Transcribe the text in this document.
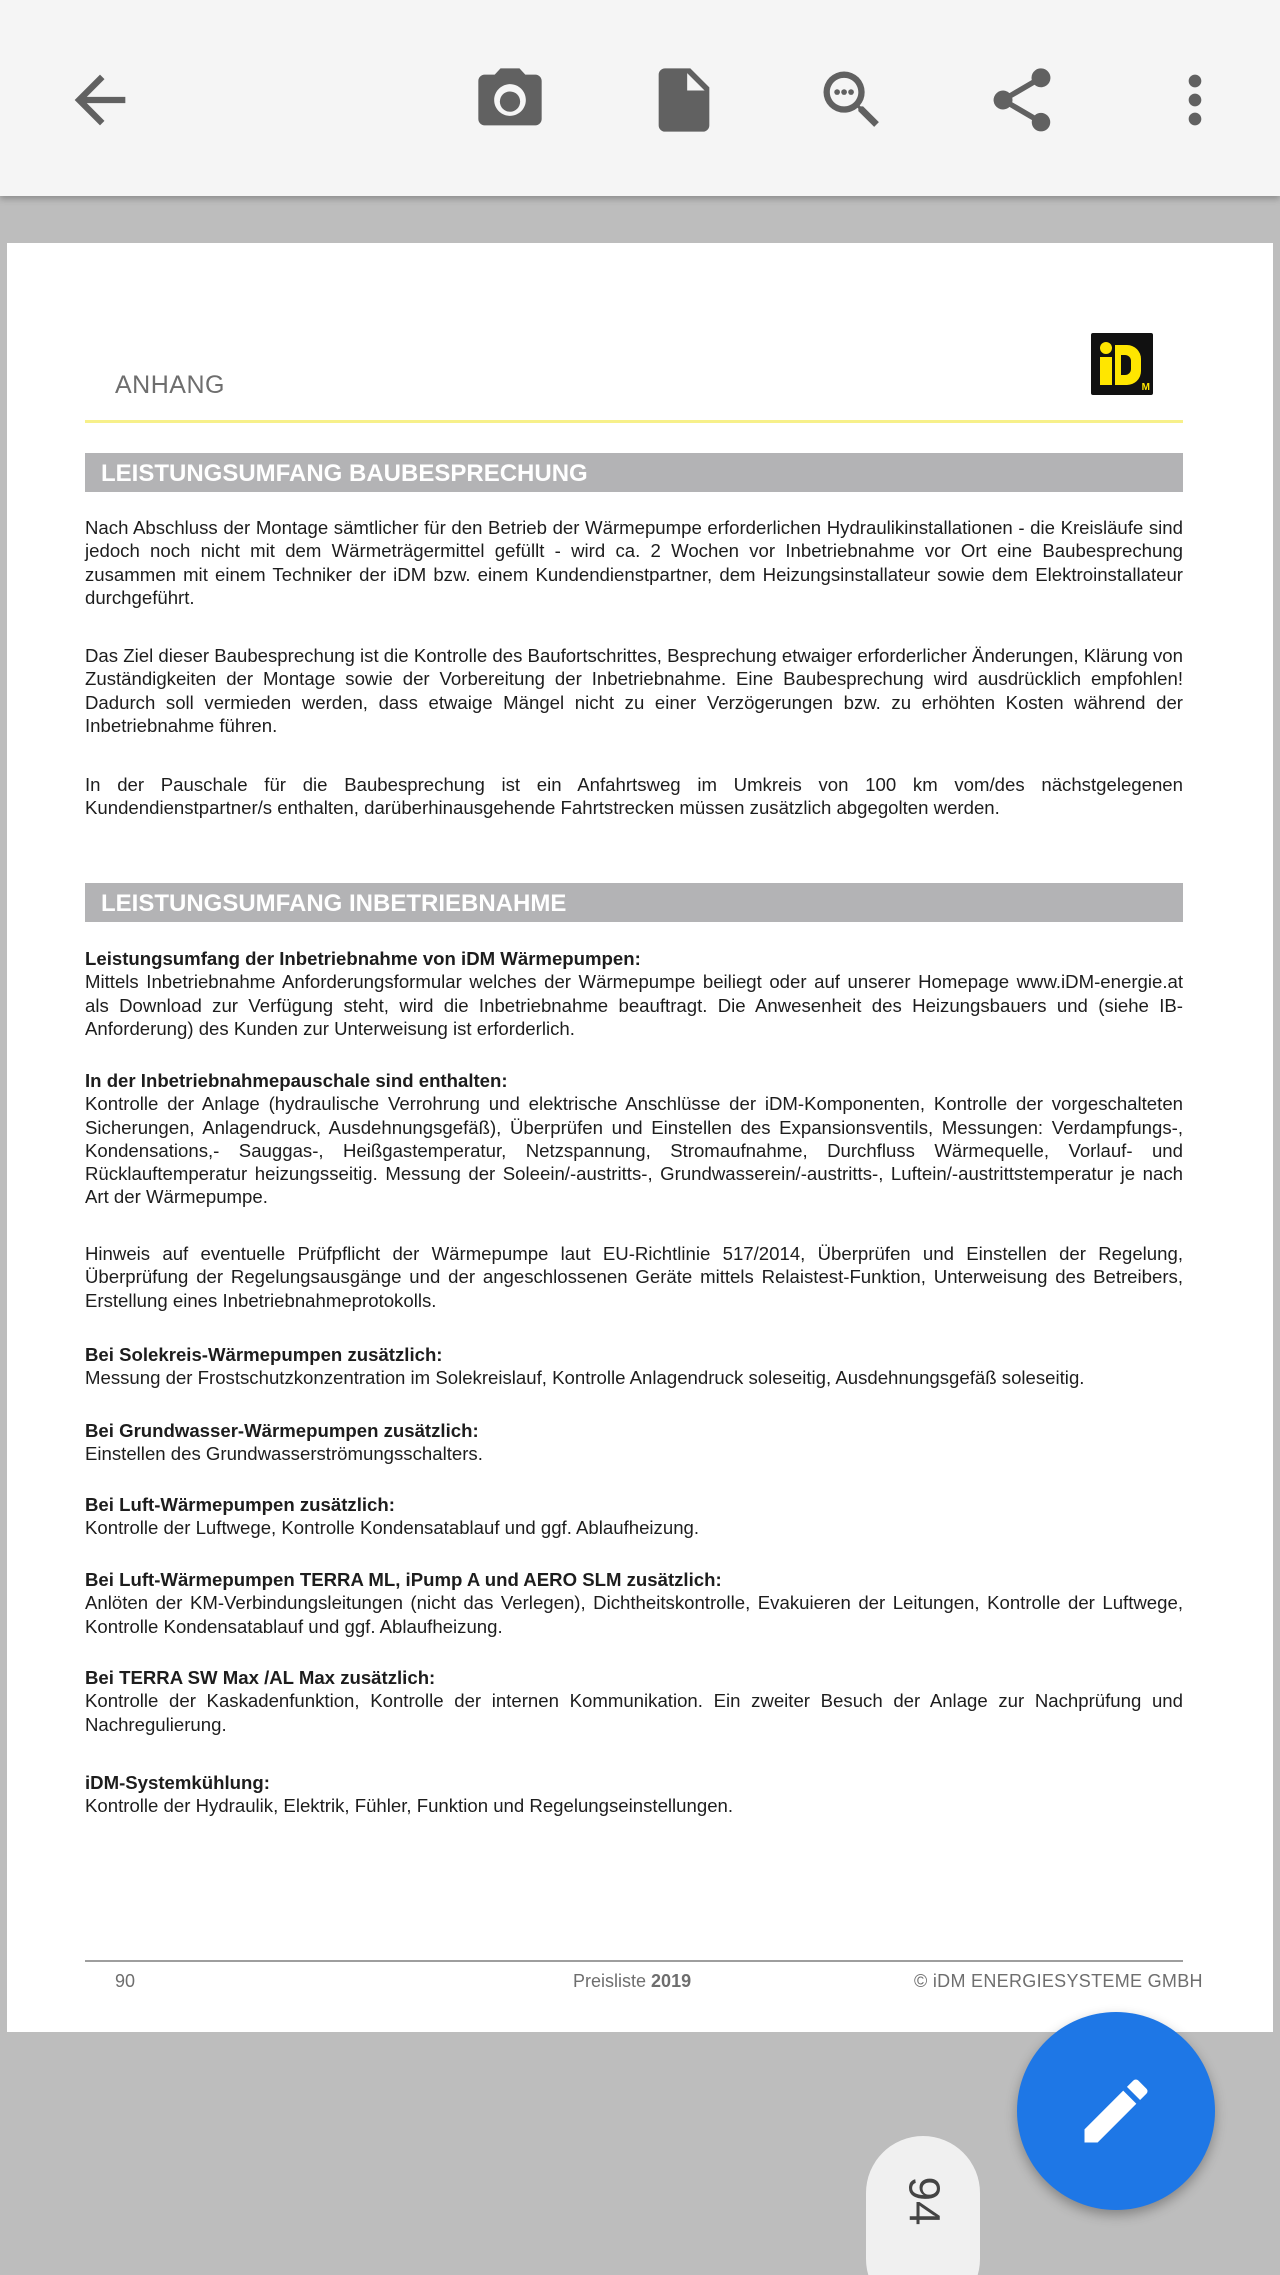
ANHANG	M
LEISTUNGSUMFANG BAUBESPRECHUNG
Nach Abschluss der Montage sämtlicher für den Betrieb der Wärmepumpe erforderlichen Hydraulikinstallationen - die Kreisläufe sind jedoch noch nicht mit dem Wärmeträgermittel gefüllt - wird ca. 2 Wochen vor Inbetriebnahme vor Ort eine Baubesprechung zusammen mit einem Techniker der iDM bzw. einem Kundendienstpartner, dem Heizungsinstallateur sowie dem Elektroinstallateur durchgeführt.
Das Ziel dieser Baubesprechung ist die Kontrolle des Baufortschrittes, Besprechung etwaiger erforderlicher Änderungen, Klärung von Zuständigkeiten der Montage sowie der Vorbereitung der Inbetriebnahme. Eine Baubesprechung wird ausdrücklich empfohlen! Dadurch soll vermieden werden, dass etwaige Mängel nicht zu einer Verzögerungen bzw. zu erhöhten Kosten während der Inbetriebnahme führen.
In der Pauschale für die Baubesprechung ist ein Anfahrtsweg im Umkreis von 100 km vom/des nächstgelegenen Kundendienstpartner/s enthalten, darüberhinausgehende Fahrtstrecken müssen zusätzlich abgegolten werden.
LEISTUNGSUMFANG INBETRIEBNAHME
Leistungsumfang der Inbetriebnahme von iDM Wärmepumpen:
Mittels Inbetriebnahme Anforderungsformular welches der Wärmepumpe beiliegt oder auf unserer Homepage www.iDM-energie.at als Download zur Verfügung steht, wird die Inbetriebnahme beauftragt. Die Anwesenheit des Heizungsbauers und (siehe IB-Anforderung) des Kunden zur Unterweisung ist erforderlich.
In der Inbetriebnahmepauschale sind enthalten:
Kontrolle der Anlage (hydraulische Verrohrung und elektrische Anschlüsse der iDM-Komponenten, Kontrolle der vorgeschalteten Sicherungen, Anlagendruck, Ausdehnungsgefäß), Überprüfen und Einstellen des Expansionsventils, Messungen: Verdampfungs-, Kondensations,- Sauggas-, Heißgastemperatur, Netzspannung, Stromaufnahme, Durchfluss Wärmequelle, Vorlauf- und Rücklauftemperatur heizungsseitig. Messung der Soleein/-austritts-, Grundwasserein/-austritts-, Luftein/-austrittstemperatur je nach Art der Wärmepumpe.
Hinweis auf eventuelle Prüfpflicht der Wärmepumpe laut EU-Richtlinie 517/2014, Überprüfen und Einstellen der Regelung, Überprüfung der Regelungsausgänge und der angeschlossenen Geräte mittels Relaistest-Funktion, Unterweisung des Betreibers, Erstellung eines Inbetriebnahmeprotokolls.
Bei Solekreis-Wärmepumpen zusätzlich:
Messung der Frostschutzkonzentration im Solekreislauf, Kontrolle Anlagendruck soleseitig, Ausdehnungsgefäß soleseitig.
Bei Grundwasser-Wärmepumpen zusätzlich:
Einstellen des Grundwasserströmungsschalters.
Bei Luft-Wärmepumpen zusätzlich:
Kontrolle der Luftwege, Kontrolle Kondensatablauf und ggf. Ablaufheizung.
Bei Luft-Wärmepumpen TERRA ML, iPump A und AERO SLM zusätzlich:
Anlöten der KM-Verbindungsleitungen (nicht das Verlegen), Dichtheitskontrolle, Evakuieren der Leitungen, Kontrolle der Luftwege, Kontrolle Kondensatablauf und ggf. Ablaufheizung.
Bei TERRA SW Max /AL Max zusätzlich:
Kontrolle der Kaskadenfunktion, Kontrolle der internen Kommunikation. Ein zweiter Besuch der Anlage zur Nachprüfung und Nachregulierung.
iDM-Systemkühlung:
Kontrolle der Hydraulik, Elektrik, Fühler, Funktion und Regelungseinstellungen.
90	Preisliste 2019	© iDM ENERGIESYSTEME GMBH
94
